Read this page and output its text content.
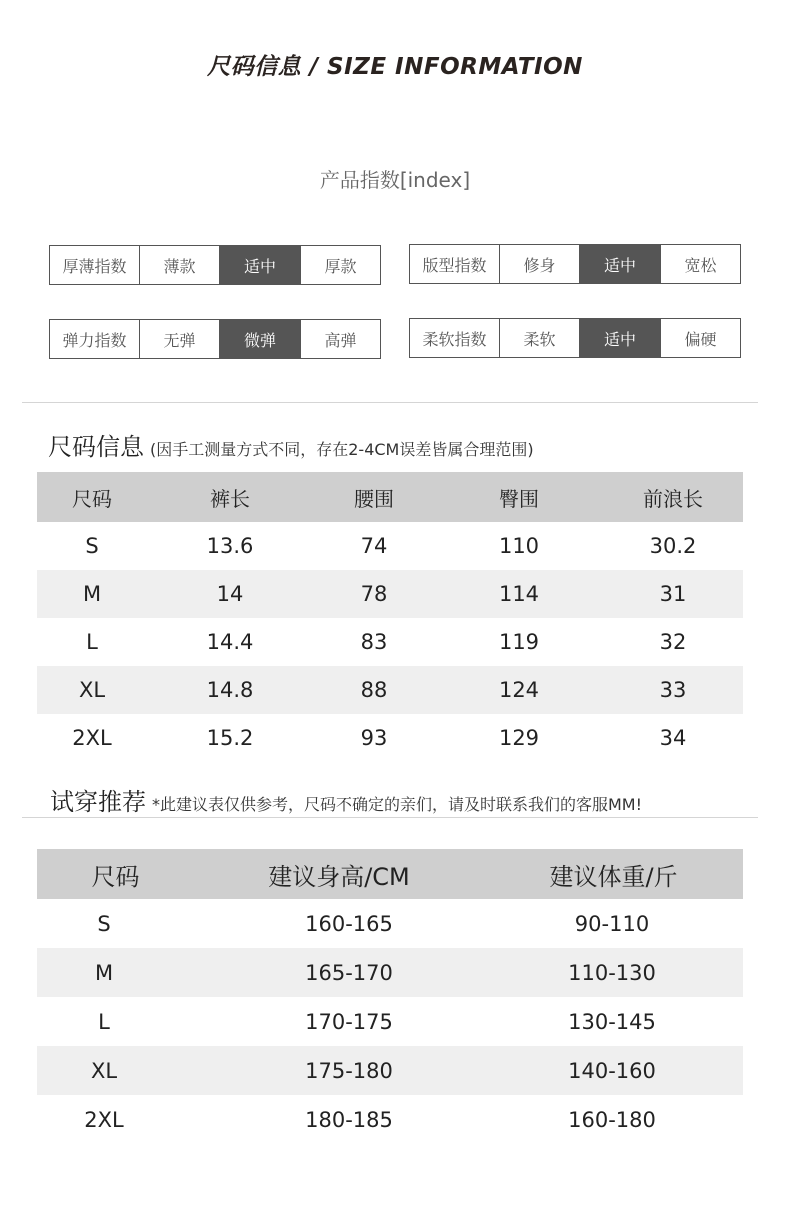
尺码信息 / SIZE INFORMATION
产品指数[index]
厚薄指数	薄款	适中	厚款	版型指数	修身	适中	宽松
弹力指数	无弹	微弹	高弹	柔软指数	柔软	适中	偏硬
尺码信息 (因手工测量方式不同，存在2-4CM误差皆属合理范围)
尺码	裤长	腰围	臀围	前浪长
S	13.6	74	110	30.2
M	14	78	114	31
L	14.4	83	119	32
XL	14.8	88	124	33
2XL	15.2	93	129	34
试穿推荐 *此建议表仅供参考，尺码不确定的亲们，请及时联系我们的客服MM!
尺码	建议身高/CM	建议体重/斤
S	160-165	90-110
M	165-170	110-130
L	170-175	130-145
XL	175-180	140-160
2XL	180-185	160-180
